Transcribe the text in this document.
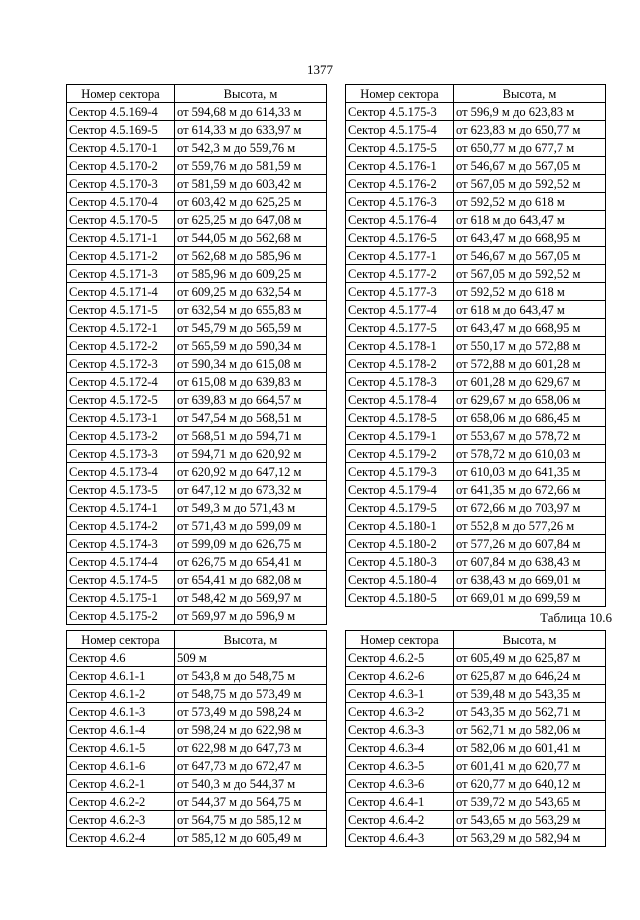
1377
Номер сектора	Высота, м
Сектор 4.5.169-4	от 594,68 м до 614,33 м
Сектор 4.5.169-5	от 614,33 м до 633,97 м
Сектор 4.5.170-1	от 542,3 м до 559,76 м
Сектор 4.5.170-2	от 559,76 м до 581,59 м
Сектор 4.5.170-3	от 581,59 м до 603,42 м
Сектор 4.5.170-4	от 603,42 м до 625,25 м
Сектор 4.5.170-5	от 625,25 м до 647,08 м
Сектор 4.5.171-1	от 544,05 м до 562,68 м
Сектор 4.5.171-2	от 562,68 м до 585,96 м
Сектор 4.5.171-3	от 585,96 м до 609,25 м
Сектор 4.5.171-4	от 609,25 м до 632,54 м
Сектор 4.5.171-5	от 632,54 м до 655,83 м
Сектор 4.5.172-1	от 545,79 м до 565,59 м
Сектор 4.5.172-2	от 565,59 м до 590,34 м
Сектор 4.5.172-3	от 590,34 м до 615,08 м
Сектор 4.5.172-4	от 615,08 м до 639,83 м
Сектор 4.5.172-5	от 639,83 м до 664,57 м
Сектор 4.5.173-1	от 547,54 м до 568,51 м
Сектор 4.5.173-2	от 568,51 м до 594,71 м
Сектор 4.5.173-3	от 594,71 м до 620,92 м
Сектор 4.5.173-4	от 620,92 м до 647,12 м
Сектор 4.5.173-5	от 647,12 м до 673,32 м
Сектор 4.5.174-1	от 549,3 м до 571,43 м
Сектор 4.5.174-2	от 571,43 м до 599,09 м
Сектор 4.5.174-3	от 599,09 м до 626,75 м
Сектор 4.5.174-4	от 626,75 м до 654,41 м
Сектор 4.5.174-5	от 654,41 м до 682,08 м
Сектор 4.5.175-1	от 548,42 м до 569,97 м
Сектор 4.5.175-2	от 569,97 м до 596,9 м
Номер сектора	Высота, м
Сектор 4.5.175-3	от 596,9 м до 623,83 м
Сектор 4.5.175-4	от 623,83 м до 650,77 м
Сектор 4.5.175-5	от 650,77 м до 677,7 м
Сектор 4.5.176-1	от 546,67 м до 567,05 м
Сектор 4.5.176-2	от 567,05 м до 592,52 м
Сектор 4.5.176-3	от 592,52 м до 618 м
Сектор 4.5.176-4	от 618 м до 643,47 м
Сектор 4.5.176-5	от 643,47 м до 668,95 м
Сектор 4.5.177-1	от 546,67 м до 567,05 м
Сектор 4.5.177-2	от 567,05 м до 592,52 м
Сектор 4.5.177-3	от 592,52 м до 618 м
Сектор 4.5.177-4	от 618 м до 643,47 м
Сектор 4.5.177-5	от 643,47 м до 668,95 м
Сектор 4.5.178-1	от 550,17 м до 572,88 м
Сектор 4.5.178-2	от 572,88 м до 601,28 м
Сектор 4.5.178-3	от 601,28 м до 629,67 м
Сектор 4.5.178-4	от 629,67 м до 658,06 м
Сектор 4.5.178-5	от 658,06 м до 686,45 м
Сектор 4.5.179-1	от 553,67 м до 578,72 м
Сектор 4.5.179-2	от 578,72 м до 610,03 м
Сектор 4.5.179-3	от 610,03 м до 641,35 м
Сектор 4.5.179-4	от 641,35 м до 672,66 м
Сектор 4.5.179-5	от 672,66 м до 703,97 м
Сектор 4.5.180-1	от 552,8 м до 577,26 м
Сектор 4.5.180-2	от 577,26 м до 607,84 м
Сектор 4.5.180-3	от 607,84 м до 638,43 м
Сектор 4.5.180-4	от 638,43 м до 669,01 м
Сектор 4.5.180-5	от 669,01 м до 699,59 м
Таблица 10.6
Номер сектора	Высота, м
Сектор 4.6	509 м
Сектор 4.6.1-1	от 543,8 м до 548,75 м
Сектор 4.6.1-2	от 548,75 м до 573,49 м
Сектор 4.6.1-3	от 573,49 м до 598,24 м
Сектор 4.6.1-4	от 598,24 м до 622,98 м
Сектор 4.6.1-5	от 622,98 м до 647,73 м
Сектор 4.6.1-6	от 647,73 м до 672,47 м
Сектор 4.6.2-1	от 540,3 м до 544,37 м
Сектор 4.6.2-2	от 544,37 м до 564,75 м
Сектор 4.6.2-3	от 564,75 м до 585,12 м
Сектор 4.6.2-4	от 585,12 м до 605,49 м
Номер сектора	Высота, м
Сектор 4.6.2-5	от 605,49 м до 625,87 м
Сектор 4.6.2-6	от 625,87 м до 646,24 м
Сектор 4.6.3-1	от 539,48 м до 543,35 м
Сектор 4.6.3-2	от 543,35 м до 562,71 м
Сектор 4.6.3-3	от 562,71 м до 582,06 м
Сектор 4.6.3-4	от 582,06 м до 601,41 м
Сектор 4.6.3-5	от 601,41 м до 620,77 м
Сектор 4.6.3-6	от 620,77 м до 640,12 м
Сектор 4.6.4-1	от 539,72 м до 543,65 м
Сектор 4.6.4-2	от 543,65 м до 563,29 м
Сектор 4.6.4-3	от 563,29 м до 582,94 м
